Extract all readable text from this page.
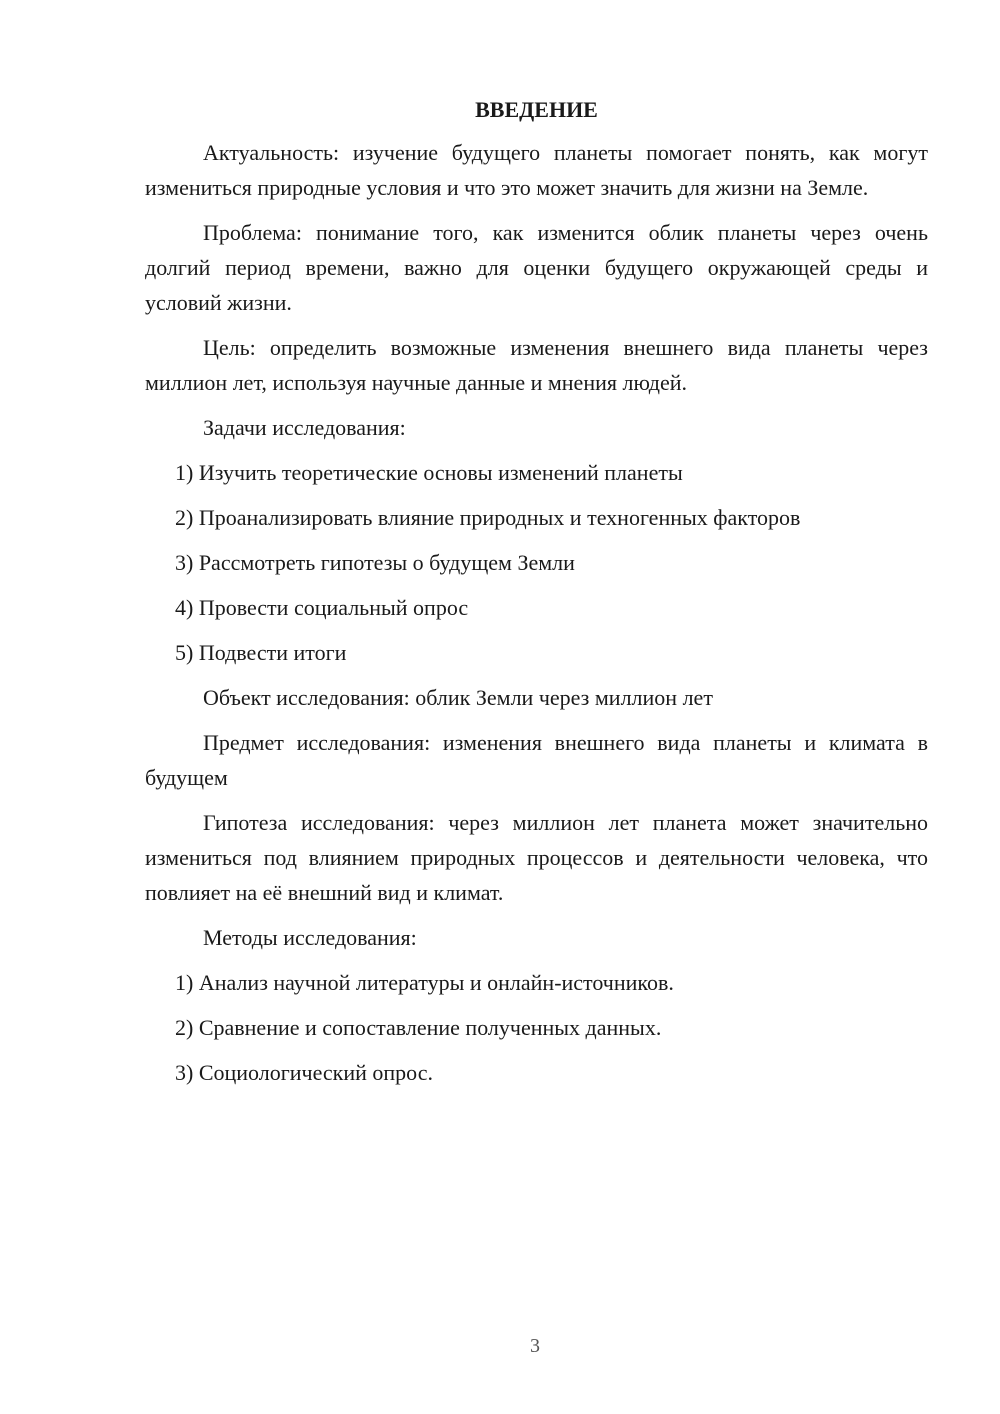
ВВЕДЕНИЕ

Актуальность: изучение будущего планеты помогает понять, как могут измениться природные условия и что это может значить для жизни на Земле.

Проблема: понимание того, как изменится облик планеты через очень долгий период времени, важно для оценки будущего окружающей среды и условий жизни.

Цель: определить возможные изменения внешнего вида планеты через миллион лет, используя научные данные и мнения людей.

Задачи исследования:
1) Изучить теоретические основы изменений планеты
2) Проанализировать влияние природных и техногенных факторов
3) Рассмотреть гипотезы о будущем Земли
4) Провести социальный опрос
5) Подвести итоги
Объект исследования: облик Земли через миллион лет

Предмет исследования: изменения внешнего вида планеты и климата в будущем

Гипотеза исследования: через миллион лет планета может значительно измениться под влиянием природных процессов и деятельности человека, что повлияет на её внешний вид и климат.

Методы исследования:
1) Анализ научной литературы и онлайн-источников.
2) Сравнение и сопоставление полученных данных.
3) Социологический опрос.
3
